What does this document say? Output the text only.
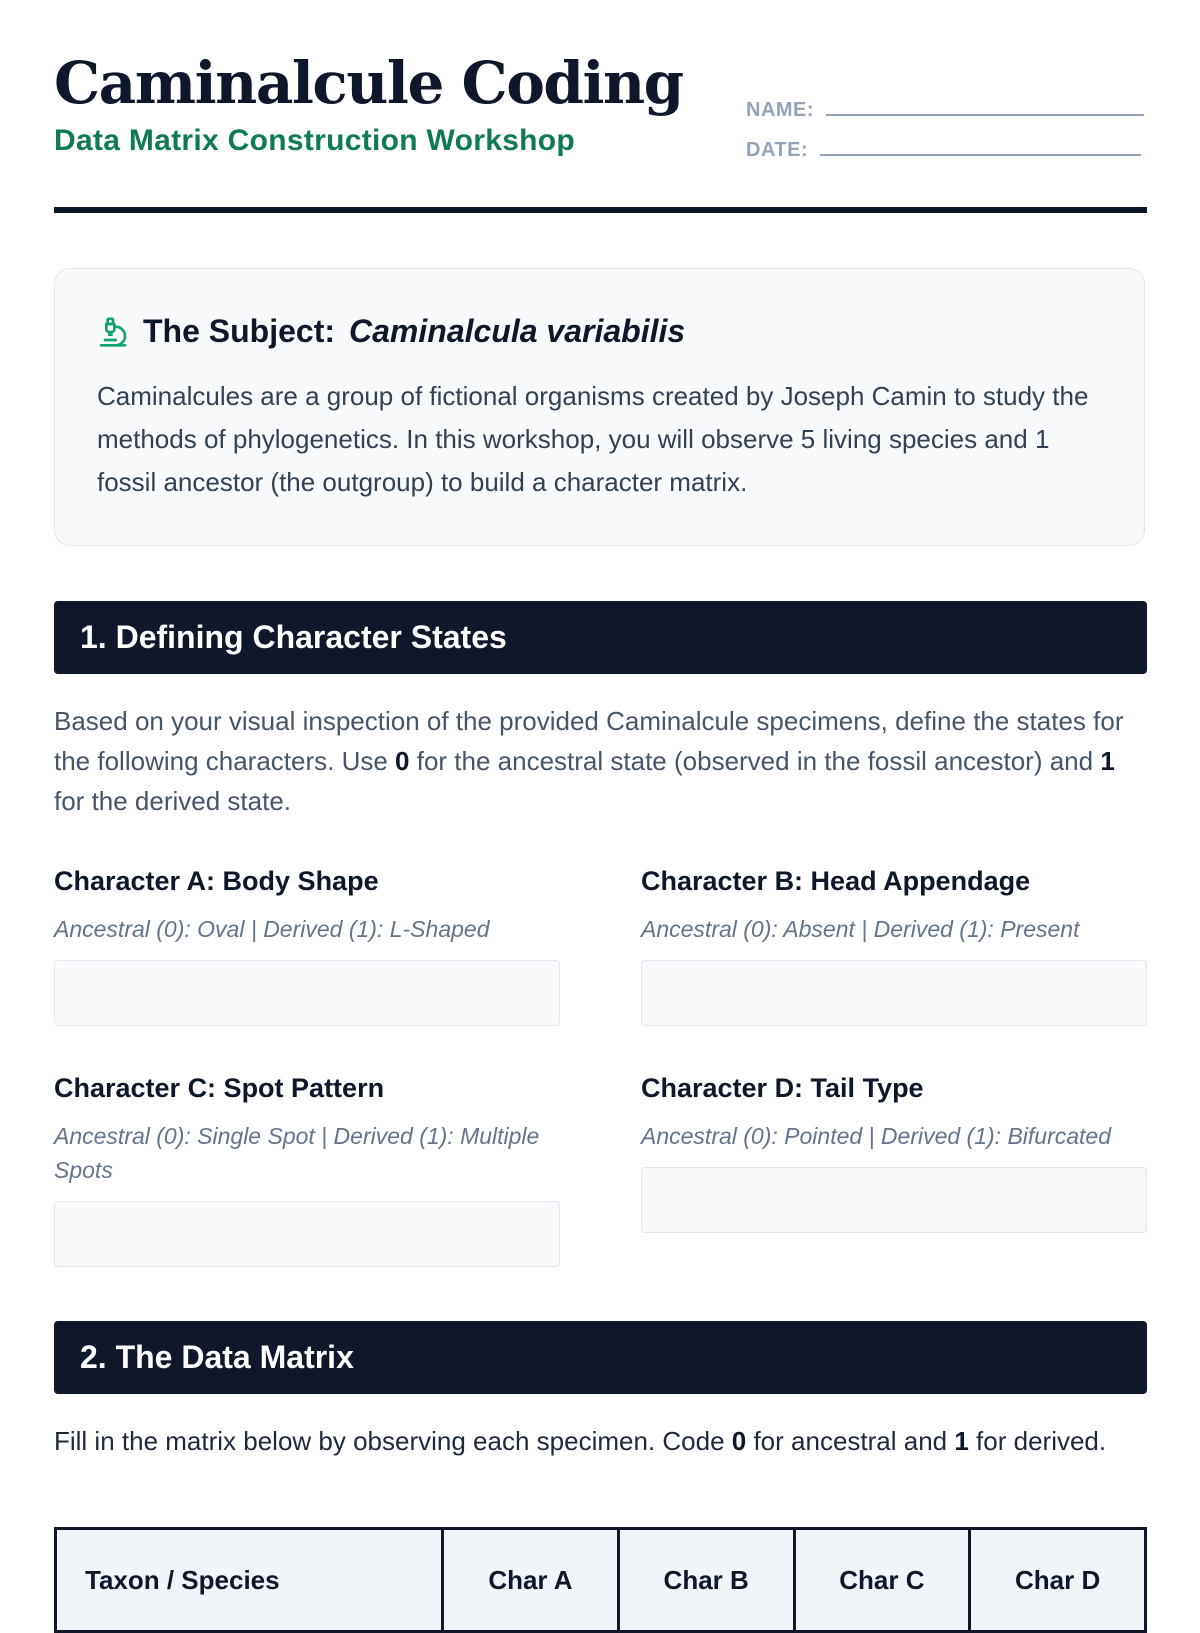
Caminalcule Coding
Data Matrix Construction Workshop
NAME:
DATE:
The Subject: Caminalcula variabilis

Caminalcules are a group of fictional organisms created by Joseph Camin to study the methods of phylogenetics. In this workshop, you will observe 5 living species and 1 fossil ancestor (the outgroup) to build a character matrix.

1. Defining Character States

Based on your visual inspection of the provided Caminalcule specimens, define the states for the following characters. Use 0 for the ancestral state (observed in the fossil ancestor) and 1 for the derived state.

Character A: Body Shape

Ancestral (0): Oval | Derived (1): L-Shaped

Character B: Head Appendage

Ancestral (0): Absent | Derived (1): Present

Character C: Spot Pattern

Ancestral (0): Single Spot | Derived (1): Multiple Spots

Character D: Tail Type

Ancestral (0): Pointed | Derived (1): Bifurcated

2. The Data Matrix

Fill in the matrix below by observing each specimen. Code 0 for ancestral and 1 for derived.

Taxon / Species	Char A	Char B	Char C	Char D
